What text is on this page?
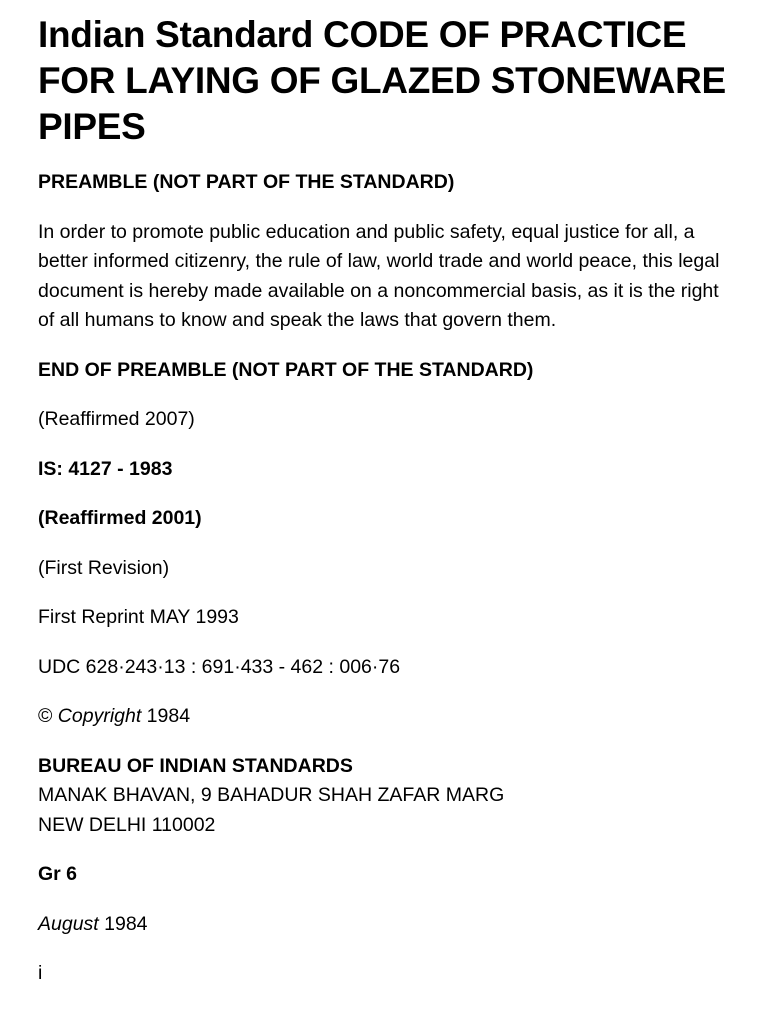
Indian Standard CODE OF PRACTICE FOR LAYING OF GLAZED STONEWARE PIPES

PREAMBLE (NOT PART OF THE STANDARD)

In order to promote public education and public safety, equal justice for all, a better informed citizenry, the rule of law, world trade and world peace, this legal document is hereby made available on a noncommercial basis, as it is the right of all humans to know and speak the laws that govern them.

END OF PREAMBLE (NOT PART OF THE STANDARD)

(Reaffirmed 2007)

IS: 4127 - 1983

(Reaffirmed 2001)

(First Revision)

First Reprint MAY 1993

UDC 628·243·13 : 691·433 - 462 : 006·76

© Copyright 1984

BUREAU OF INDIAN STANDARDS

MANAK BHAVAN, 9 BAHADUR SHAH ZAFAR MARG

NEW DELHI 110002

Gr 6

August 1984

i
